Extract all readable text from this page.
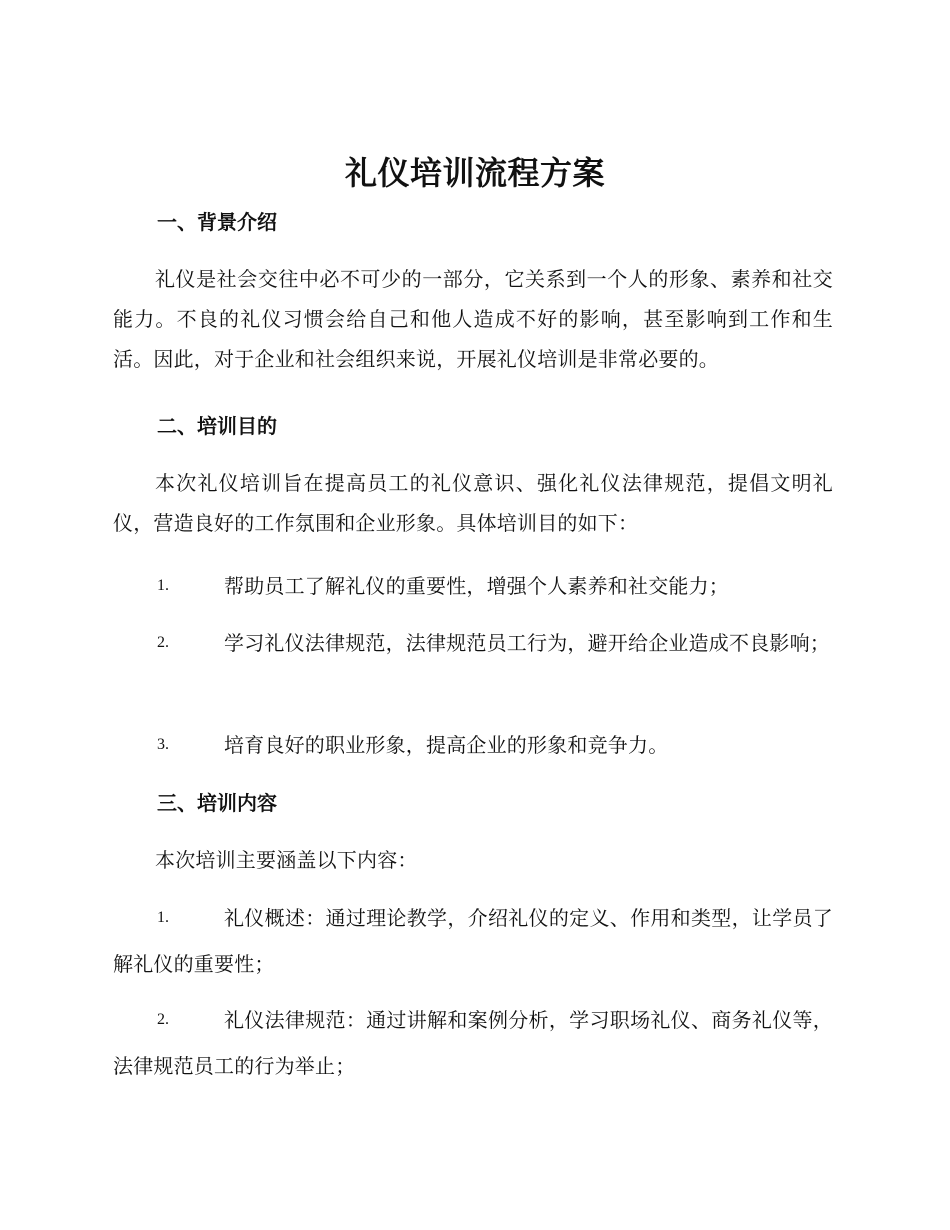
礼仪培训流程方案
一、背景介绍
礼仪是社会交往中必不可少的一部分，它关系到一个人的形象、素养和社交能力。不良的礼仪习惯会给自己和他人造成不好的影响，甚至影响到工作和生活。因此，对于企业和社会组织来说，开展礼仪培训是非常必要的。
二、培训目的
本次礼仪培训旨在提高员工的礼仪意识、强化礼仪法律规范，提倡文明礼仪，营造良好的工作氛围和企业形象。具体培训目的如下：
1.	帮助员工了解礼仪的重要性，增强个人素养和社交能力；
2.	学习礼仪法律规范，法律规范员工行为，避开给企业造成不良影响；
3.	培育良好的职业形象，提高企业的形象和竞争力。
三、培训内容
本次培训主要涵盖以下内容：
1.	礼仪概述：通过理论教学，介绍礼仪的定义、作用和类型，让学员了解礼仪的重要性；
2.	礼仪法律规范：通过讲解和案例分析，学习职场礼仪、商务礼仪等，法律规范员工的行为举止；
